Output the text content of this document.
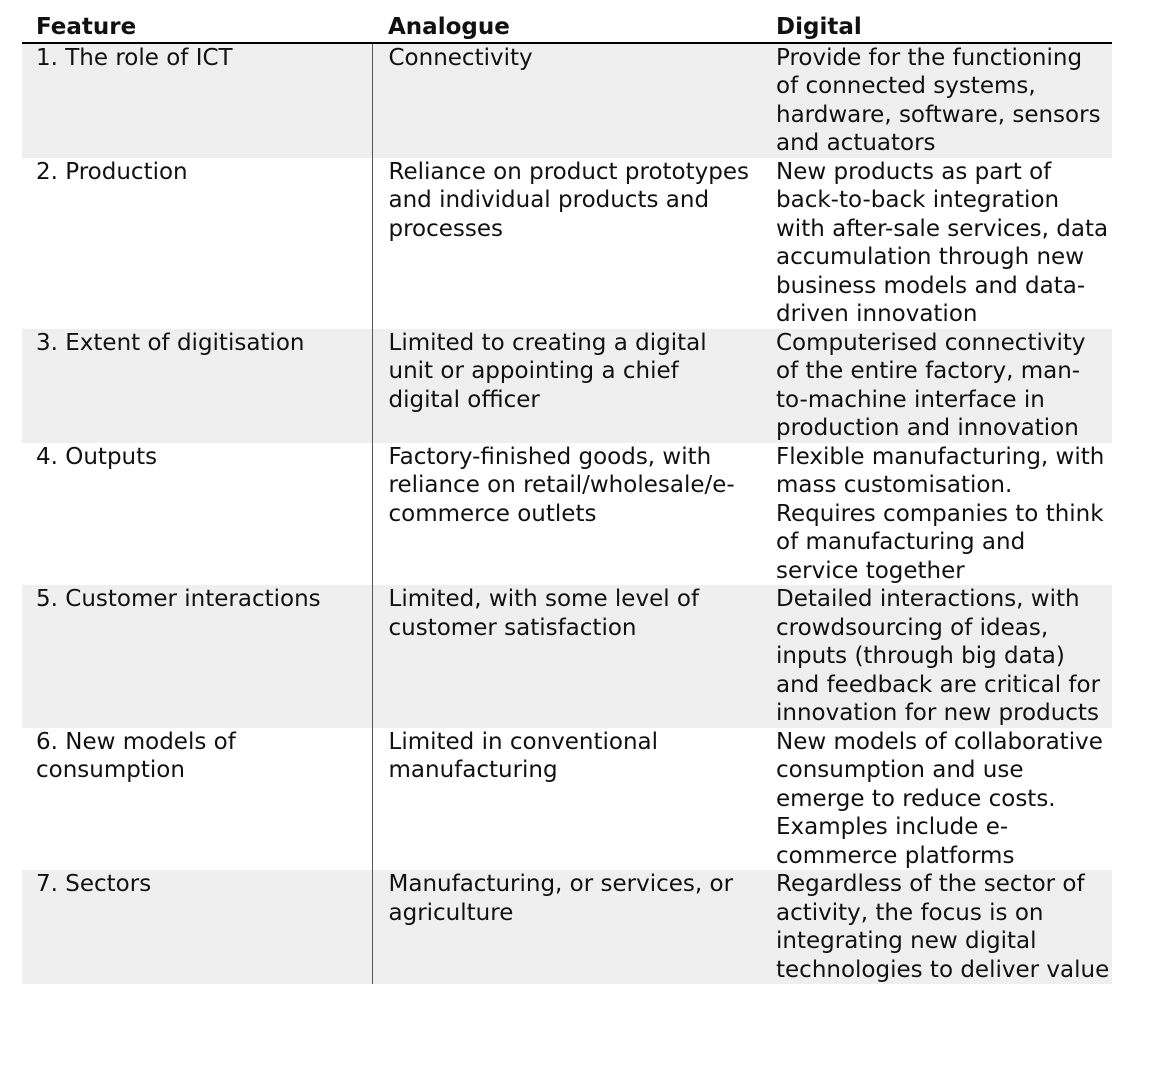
Feature	Analogue	Digital
1. The role of ICT	Connectivity	Provide for the functioning of connected systems, hardware, software, sensors and actuators
2. Production	Reliance on product prototypes and individual products and processes	New products as part of back-to-back integration with after-sale services, data accumulation through new business models and data-driven innovation
3. Extent of digitisation	Limited to creating a digital unit or appointing a chief digital officer	Computerised connectivity of the entire factory, man-to-machine interface in production and innovation
4. Outputs	Factory-finished goods, with reliance on retail/wholesale/e-commerce outlets	Flexible manufacturing, with mass customisation. Requires companies to think of manufacturing and service together
5. Customer interactions	Limited, with some level of customer satisfaction	Detailed interactions, with crowdsourcing of ideas, inputs (through big data) and feedback are critical for innovation for new products
6. New models of consumption	Limited in conventional manufacturing	New models of collaborative consumption and use emerge to reduce costs. Examples include e-commerce platforms
7. Sectors	Manufacturing, or services, or agriculture	Regardless of the sector of activity, the focus is on integrating new digital technologies to deliver value
